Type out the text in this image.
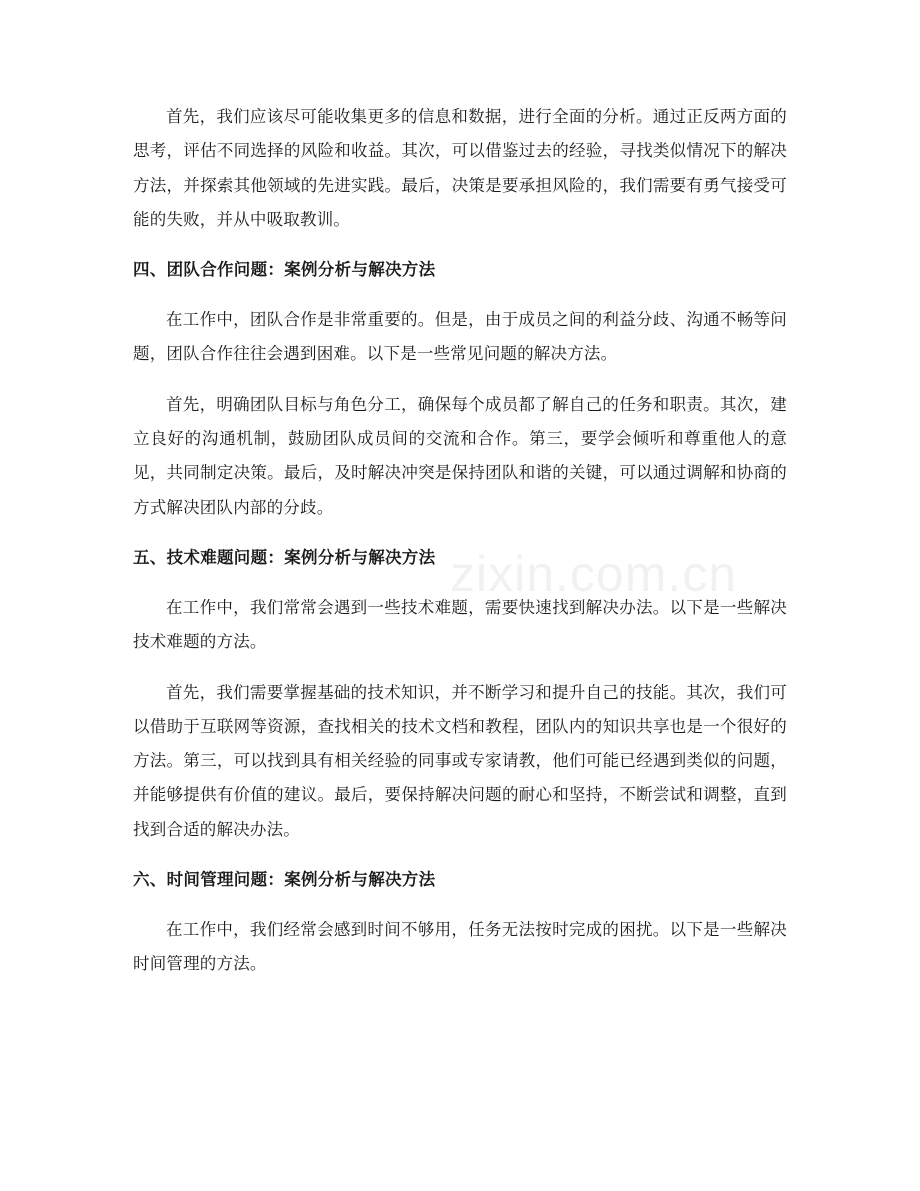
首先，我们应该尽可能收集更多的信息和数据，进行全面的分析。通过正反两方面的思考，评估不同选择的风险和收益。其次，可以借鉴过去的经验，寻找类似情况下的解决方法，并探索其他领域的先进实践。最后，决策是要承担风险的，我们需要有勇气接受可能的失败，并从中吸取教训。

四、团队合作问题：案例分析与解决方法

在工作中，团队合作是非常重要的。但是，由于成员之间的利益分歧、沟通不畅等问题，团队合作往往会遇到困难。以下是一些常见问题的解决方法。

首先，明确团队目标与角色分工，确保每个成员都了解自己的任务和职责。其次，建立良好的沟通机制，鼓励团队成员间的交流和合作。第三，要学会倾听和尊重他人的意见，共同制定决策。最后，及时解决冲突是保持团队和谐的关键，可以通过调解和协商的方式解决团队内部的分歧。

五、技术难题问题：案例分析与解决方法

在工作中，我们常常会遇到一些技术难题，需要快速找到解决办法。以下是一些解决技术难题的方法。

首先，我们需要掌握基础的技术知识，并不断学习和提升自己的技能。其次，我们可以借助于互联网等资源，查找相关的技术文档和教程，团队内的知识共享也是一个很好的方法。第三，可以找到具有相关经验的同事或专家请教，他们可能已经遇到类似的问题，并能够提供有价值的建议。最后，要保持解决问题的耐心和坚持，不断尝试和调整，直到找到合适的解决办法。

六、时间管理问题：案例分析与解决方法

在工作中，我们经常会感到时间不够用，任务无法按时完成的困扰。以下是一些解决时间管理的方法。

zixin.com.cn
